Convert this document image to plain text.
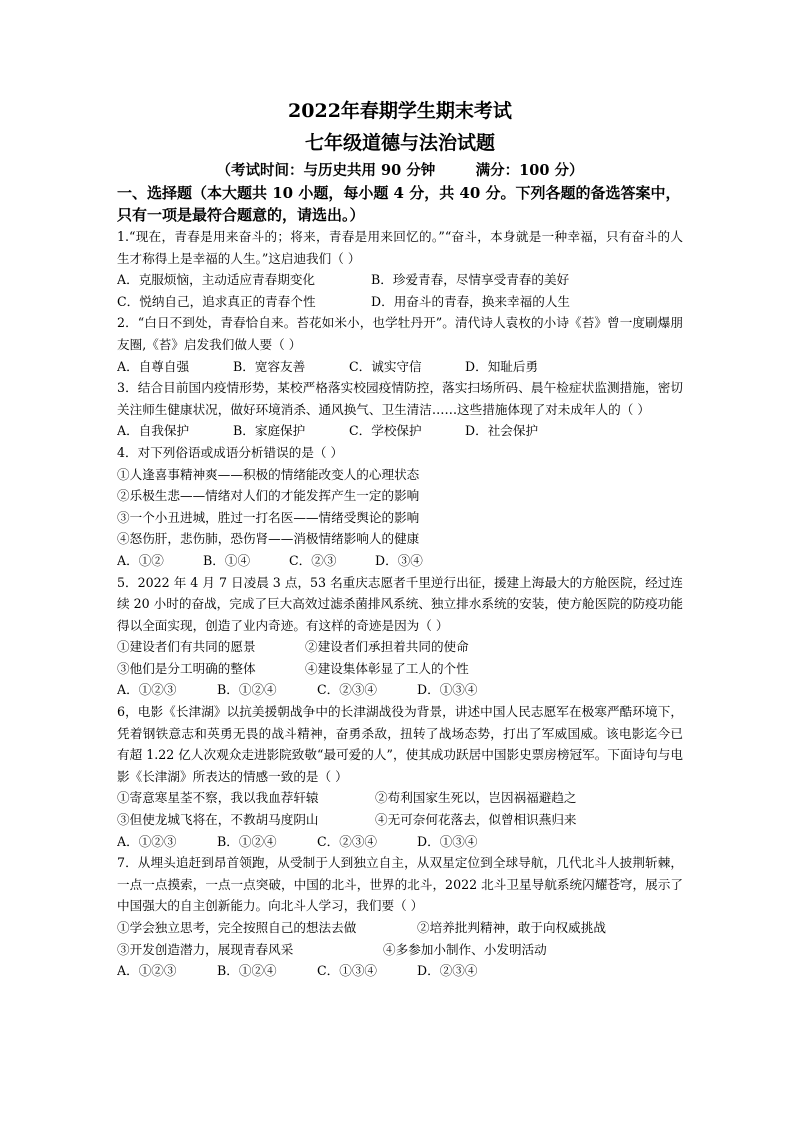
2022年春期学生期末考试
七年级道德与法治试题
（考试时间：与历史共用 90 分钟        满分：100 分）
一、选择题（本大题共 10 小题，每小题 4 分，共 40 分。下列各题的备选答案中，只有一项是最符合题意的，请选出。）
1.“现在，青春是用来奋斗的；将来，青春是用来回忆的。”“奋斗，本身就是一种幸福，只有奋斗的人生才称得上是幸福的人生。”这启迪我们（ ）
A．克服烦恼，主动适应青春期变化	B．珍爱青春，尽情享受青春的美好
C．悦纳自己，追求真正的青春个性	D．用奋斗的青春，换来幸福的人生
2．“白日不到处，青春恰自来。苔花如米小，也学牡丹开”。清代诗人袁枚的小诗《苔》曾一度刷爆朋友圈,《苔》启发我们做人要（ ）
A．自尊自强	B．宽容友善	C．诚实守信	D．知耻后勇
3．结合目前国内疫情形势，某校严格落实校园疫情防控，落实扫场所码、晨午检症状监测措施，密切关注师生健康状况，做好环境消杀、通风换气、卫生清洁……这些措施体现了对未成年人的（ ）
A．自我保护	B．家庭保护	C．学校保护	D．社会保护
4．对下列俗语或成语分析错误的是（ ）
①人逢喜事精神爽——积极的情绪能改变人的心理状态
②乐极生悲——情绪对人们的才能发挥产生一定的影响
③一个小丑进城，胜过一打名医——情绪受舆论的影响
④怒伤肝，悲伤肺，恐伤肾——消极情绪影响人的健康
A．①②	B．①④	C．②③	D．③④
5．2022 年 4 月 7 日凌晨 3 点，53 名重庆志愿者千里逆行出征，援建上海最大的方舱医院，经过连续 20 小时的奋战，完成了巨大高效过滤杀菌排风系统、独立排水系统的安装，使方舱医院的防疫功能得以全面实现，创造了业内奇迹。有这样的奇迹是因为（ ）
①建设者们有共同的愿景	②建设者们承担着共同的使命
③他们是分工明确的整体	④建设集体彰显了工人的个性
A．①②③	B．①②④	C．②③④	D．①③④
6，电影《长津湖》以抗美援朝战争中的长津湖战役为背景，讲述中国人民志愿军在极寒严酷环境下，凭着钢铁意志和英勇无畏的战斗精神，奋勇杀敌，扭转了战场态势，打出了军威国威。该电影迄今已有超 1.22 亿人次观众走进影院致敬“最可爱的人”，使其成功跃居中国影史票房榜冠军。下面诗句与电影《长津湖》所表达的情感一致的是（ ）
①寄意寒星荃不察，我以我血荐轩辕	②苟利国家生死以，岂因祸福避趋之
③但使龙城飞将在，不教胡马度阴山	④无可奈何花落去，似曾相识燕归来
A．①②③	B．①②④	C．②③④	D．①③④
7．从埋头追赶到昂首领跑，从受制于人到独立自主，从双星定位到全球导航，几代北斗人披荆斩棘，一点一点摸索，一点一点突破，中国的北斗，世界的北斗，2022 北斗卫星导航系统闪耀苍穹，展示了中国强大的自主创新能力。向北斗人学习，我们要（ ）
①学会独立思考，完全按照自己的想法去做	②培养批判精神，敢于向权威挑战
③开发创造潜力，展现青春风采	④多参加小制作、小发明活动
A．①②③	B．①②④	C．①③④	D．②③④
